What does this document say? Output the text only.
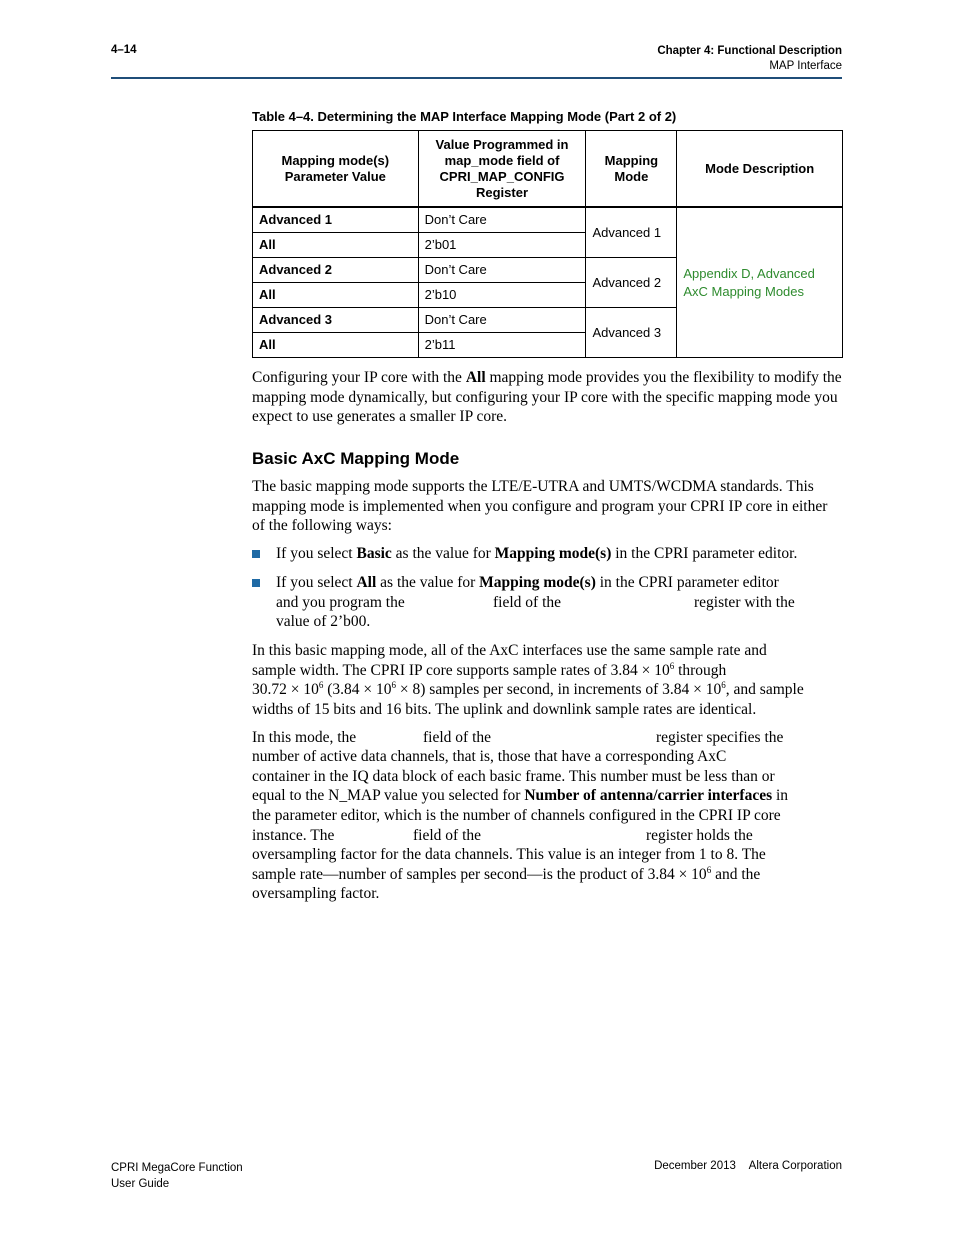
4–14	Chapter 4: Functional Description
MAP Interface
Table 4–4. Determining the MAP Interface Mapping Mode (Part 2 of 2)
Mapping mode(s) Parameter Value	Value Programmed in map_mode field of CPRI_MAP_CONFIG Register	Mapping Mode	Mode Description
Advanced 1	Don’t Care	Advanced 1	Appendix D, Advanced AxC Mapping Modes
All	2’b01		
Advanced 2	Don’t Care	Advanced 2	
All	2’b10		
Advanced 3	Don’t Care	Advanced 3	
All	2’b11		

Configuring your IP core with the All mapping mode provides you the flexibility to modify the mapping mode dynamically, but configuring your IP core with the specific mapping mode you expect to use generates a smaller IP core.

Basic AxC Mapping Mode
The basic mapping mode supports the LTE/E-UTRA and UMTS/WCDMA standards. This mapping mode is implemented when you configure and program your CPRI IP core in either of the following ways:
If you select Basic as the value for Mapping mode(s) in the CPRI parameter editor.
If you select All as the value for Mapping mode(s) in the CPRI parameter editor
and you program the	field of the	register with the
value of 2’b00.

In this basic mapping mode, all of the AxC interfaces use the same sample rate and

sample width. The CPRI IP core supports sample rates of $3.84 \times 10^6$ through

$30.72 \times 10^6$ $(3.84 \times 10^6 \times 8)$ samples per second, in increments of $3.84 \times 10^6$, and sample

widths of 15 bits and 16 bits. The uplink and downlink sample rates are identical.

In this mode, the	field of the	register specifies the

number of active data channels, that is, those that have a corresponding AxC

container in the IQ data block of each basic frame. This number must be less than or

equal to the N_MAP value you selected for Number of antenna/carrier interfaces in

the parameter editor, which is the number of channels configured in the CPRI IP core

instance. The	field of the	register holds the

oversampling factor for the data channels. This value is an integer from 1 to 8. The

sample rate—number of samples per second—is the product of $3.84 \times 10^6$ and the

oversampling factor.

CPRI MegaCore Function
User Guide
December 2013 Altera Corporation
